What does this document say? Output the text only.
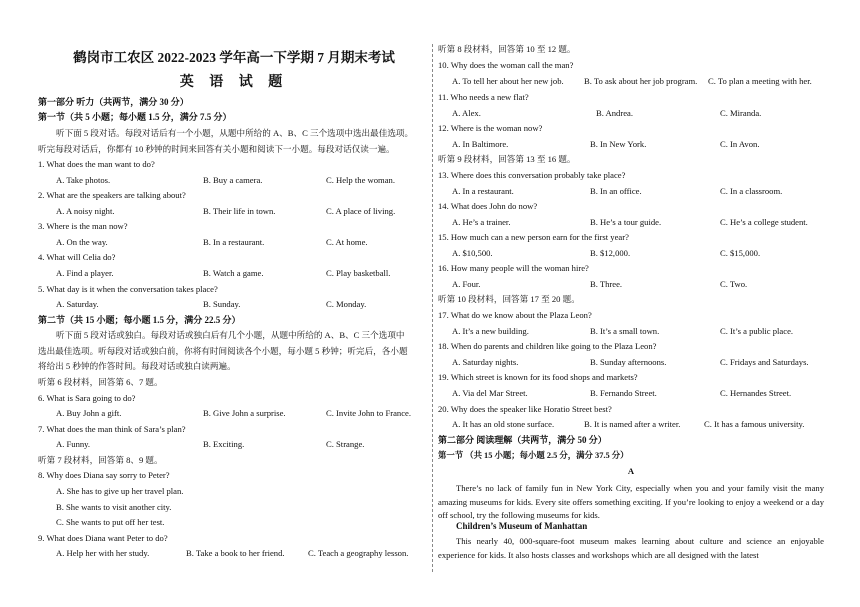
鹤岗市工农区 2022-2023 学年高一下学期 7 月期末考试
英 语 试 题
第一部分 听力（共两节，满分 30 分）
第一节（共 5 小题；每小题 1.5 分，满分 7.5 分）
听下面 5 段对话。每段对话后有一个小题，从题中所给的 A、B、C 三个选项中选出最佳选项。
听完每段对话后，你都有 10 秒钟的时间来回答有关小题和阅读下一小题。每段对话仅读一遍。
1. What does the man want to do?
A. Take photos.	B. Buy a camera.	C. Help the woman.
2. What are the speakers are talking about?
A. A noisy night.	B. Their life in town.	C. A place of living.
3. Where is the man now?
A. On the way.	B. In a restaurant.	C. At home.
4. What will Celia do?
A. Find a player.	B. Watch a game.	C. Play basketball.
5. What day is it when the conversation takes place?
A. Saturday.	B. Sunday.	C. Monday.
第二节（共 15 小题；每小题 1.5 分，满分 22.5 分）
听下面 5 段对话或独白。每段对话或独白后有几个小题，从题中所给的 A、B、C 三个选项中
选出最佳选项。听每段对话或独白前，你将有时间阅读各个小题，每小题 5 秒钟；听完后，各小题
将给出 5 秒钟的作答时间。每段对话或独白读两遍。
听第 6 段材料，回答第 6、7 题。
6. What is Sara going to do?
A. Buy John a gift.	B. Give John a surprise.	C. Invite John to France.
7. What does the man think of Sara’s plan?
A. Funny.	B. Exciting.	C. Strange.
听第 7 段材料，回答第 8、9 题。
8. Why does Diana say sorry to Peter?
A. She has to give up her travel plan.
B. She wants to visit another city.
C. She wants to put off her test.
9. What does Diana want Peter to do?
A. Help her with her study.	B. Take a book to her friend.	C. Teach a geography lesson.
听第 8 段材料，回答第 10 至 12 题。
10. Why does the woman call the man?
A. To tell her about her new job. B. To ask about her job program. C. To plan a meeting with her.
11. Who needs a new flat?
A. Alex.	B. Andrea.	C. Miranda.
12. Where is the woman now?
A. In Baltimore.	B. In New York.	C. In Avon.
听第 9 段材料，回答第 13 至 16 题。
13. Where does this conversation probably take place?
A. In a restaurant.	B. In an office.	C. In a classroom.
14. What does John do now?
A. He’s a trainer.	B. He’s a tour guide.	C. He’s a college student.
15. How much can a new person earn for the first year?
A. $10,500.	B. $12,000.	C. $15,000.
16. How many people will the woman hire?
A. Four.	B. Three.	C. Two.
听第 10 段材料，回答第 17 至 20 题。
17. What do we know about the Plaza Leon?
A. It’s a new building.	B. It’s a small town.	C. It’s a public place.
18. When do parents and children like going to the Plaza Leon?
A. Saturday nights.	B. Sunday afternoons.	C. Fridays and Saturdays.
19. Which street is known for its food shops and markets?
A. Via del Mar Street.	B. Fernando Street.	C. Hernandes Street.
20. Why does the speaker like Horatio Street best?
A. It has an old stone surface.	B. It is named after a writer.	C. It has a famous university.
第二部分 阅读理解（共两节，满分 50 分）
第一节 （共 15 小题；每小题 2.5 分，满分 37.5 分）
A
There’s no lack of family fun in New York City, especially when you and your family visit the many amazing museums for kids. Every site offers something exciting. If you’re looking to enjoy a weekend or a day off school, try the following museums for kids.
Children’s Museum of Manhattan
This nearly 40, 000-square-foot museum makes learning about culture and science an enjoyable experience for kids. It also hosts classes and workshops which are all designed with the latest
